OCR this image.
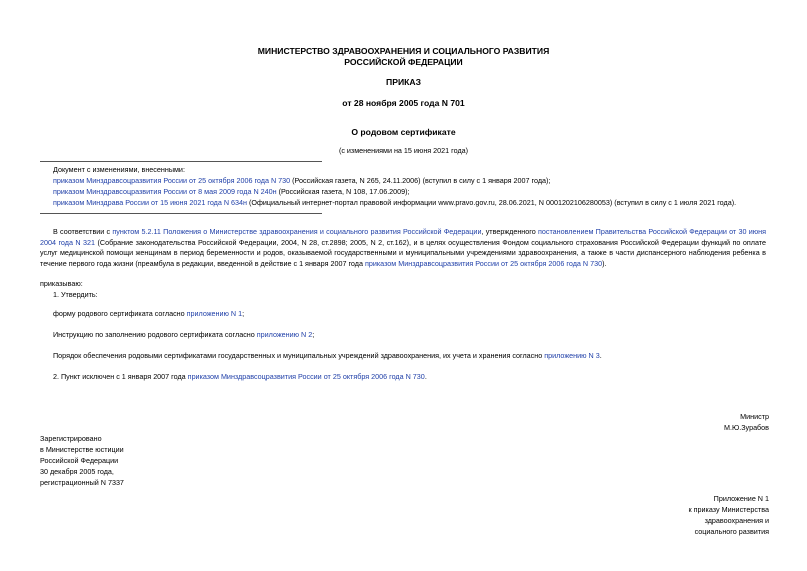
МИНИСТЕРСТВО ЗДРАВООХРАНЕНИЯ И СОЦИАЛЬНОГО РАЗВИТИЯ
РОССИЙСКОЙ ФЕДЕРАЦИИ
ПРИКАЗ
от 28 ноября 2005 года N 701
О родовом сертификате
(с изменениями на 15 июня 2021 года)
Документ с изменениями, внесенными:
приказом Минздравсоцразвития России от 25 октября 2006 года N 730 (Российская газета, N 265, 24.11.2006) (вступил в силу с 1 января 2007 года);
приказом Минздравсоцразвития России от 8 мая 2009 года N 240н (Российская газета, N 108, 17.06.2009);
приказом Минздрава России от 15 июня 2021 года N 634н (Официальный интернет-портал правовой информации www.pravo.gov.ru, 28.06.2021, N 0001202106280053) (вступил в силу с 1 июля 2021 года).
В соответствии с пунктом 5.2.11 Положения о Министерстве здравоохранения и социального развития Российской Федерации, утвержденного постановлением Правительства Российской Федерации от 30 июня 2004 года N 321 (Собрание законодательства Российской Федерации, 2004, N 28, ст.2898; 2005, N 2, ст.162), и в целях осуществления Фондом социального страхования Российской Федерации функций по оплате услуг медицинской помощи женщинам в период беременности и родов, оказываемой государственными и муниципальными учреждениями здравоохранения, а также в части диспансерного наблюдения ребенка в течение первого года жизни (преамбула в редакции, введенной в действие с 1 января 2007 года приказом Минздравсоцразвития России от 25 октября 2006 года N 730).
приказываю:
1. Утвердить:
форму родового сертификата согласно приложению N 1;
Инструкцию по заполнению родового сертификата согласно приложению N 2;
Порядок обеспечения родовыми сертификатами государственных и муниципальных учреждений здравоохранения, их учета и хранения согласно приложению N 3.
2. Пункт исключен с 1 января 2007 года приказом Минздравсоцразвития России от 25 октября 2006 года N 730.
Министр
М.Ю.Зурабов
Зарегистрировано
в Министерстве юстиции
Российской Федерации
30 декабря 2005 года,
регистрационный N 7337
Приложение N 1
к приказу Министерства
здравоохранения и
социального развития
